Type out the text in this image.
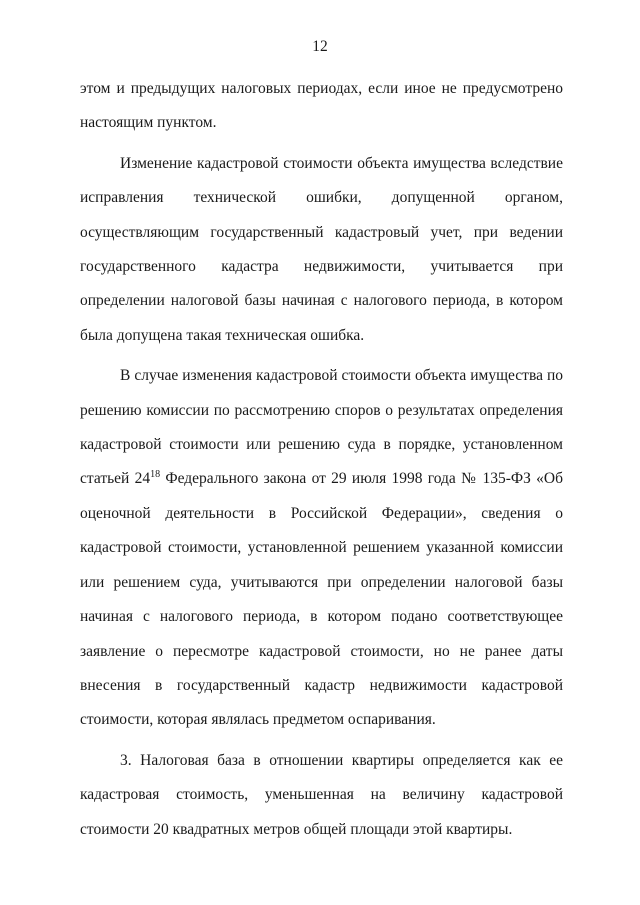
12

этом и предыдущих налоговых периодах, если иное не предусмотрено настоящим пунктом.

Изменение кадастровой стоимости объекта имущества вследствие исправления технической ошибки, допущенной органом, осуществляющим государственный кадастровый учет, при ведении государственного кадастра недвижимости, учитывается при определении налоговой базы начиная с налогового периода, в котором была допущена такая техническая ошибка.

В случае изменения кадастровой стоимости объекта имущества по решению комиссии по рассмотрению споров о результатах определения кадастровой стоимости или решению суда в порядке, установленном статьей $24^{18}$ Федерального закона от 29 июля 1998 года № 135-ФЗ «Об оценочной деятельности в Российской Федерации», сведения о кадастровой стоимости, установленной решением указанной комиссии или решением суда, учитываются при определении налоговой базы начиная с налогового периода, в котором подано соответствующее заявление о пересмотре кадастровой стоимости, но не ранее даты внесения в государственный кадастр недвижимости кадастровой стоимости, которая являлась предметом оспаривания.

3. Налоговая база в отношении квартиры определяется как ее кадастровая стоимость, уменьшенная на величину кадастровой стоимости 20 квадратных метров общей площади этой квартиры.
